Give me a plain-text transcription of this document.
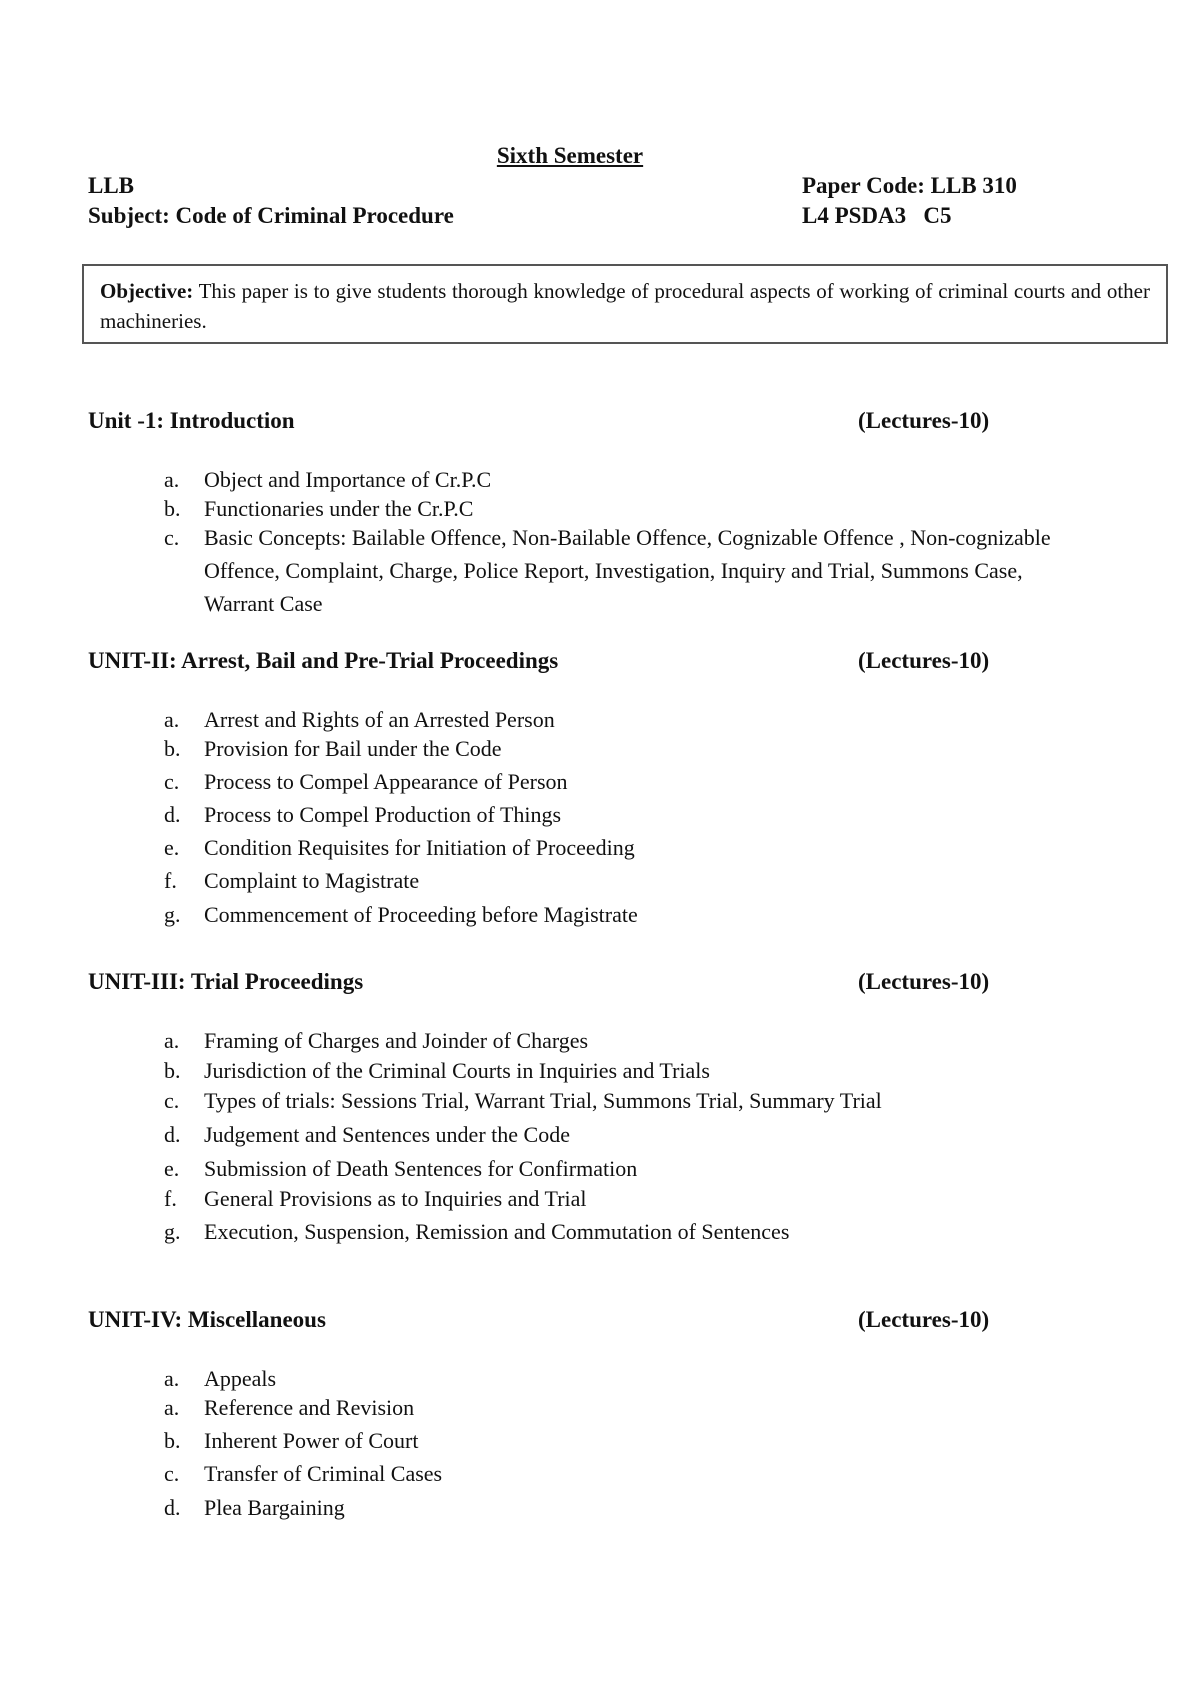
Sixth Semester
LLB
Subject: Code of Criminal Procedure
Paper Code: LLB 310
L4 PSDA3   C5
Objective: This paper is to give students thorough knowledge of procedural aspects of working of criminal courts and other machineries.
Unit -1: Introduction	(Lectures-10)
a.	Object and Importance of Cr.P.C
b.	Functionaries under the Cr.P.C
c.	Basic Concepts: Bailable Offence, Non-Bailable Offence, Cognizable Offence , Non-cognizable Offence, Complaint, Charge, Police Report, Investigation, Inquiry and Trial, Summons Case, Warrant Case
UNIT-II: Arrest, Bail and Pre-Trial Proceedings	(Lectures-10)
a.	Arrest and Rights of an Arrested Person
b.	Provision for Bail under the Code
c.	Process to Compel Appearance of Person
d.	Process to Compel Production of Things
e.	Condition Requisites for Initiation of Proceeding
f.	Complaint to Magistrate
g.	Commencement of Proceeding before Magistrate
UNIT-III: Trial Proceedings	(Lectures-10)
a.	Framing of Charges and Joinder of Charges
b.	Jurisdiction of the Criminal Courts in Inquiries and Trials
c.	Types of trials: Sessions Trial, Warrant Trial, Summons Trial, Summary Trial
d.	Judgement and Sentences under the Code
e.	Submission of Death Sentences for Confirmation
f.	General Provisions as to Inquiries and Trial
g.	Execution, Suspension, Remission and Commutation of Sentences
UNIT-IV: Miscellaneous	(Lectures-10)
a.	Appeals
a.	Reference and Revision
b.	Inherent Power of Court
c.	Transfer of Criminal Cases
d.	Plea Bargaining
